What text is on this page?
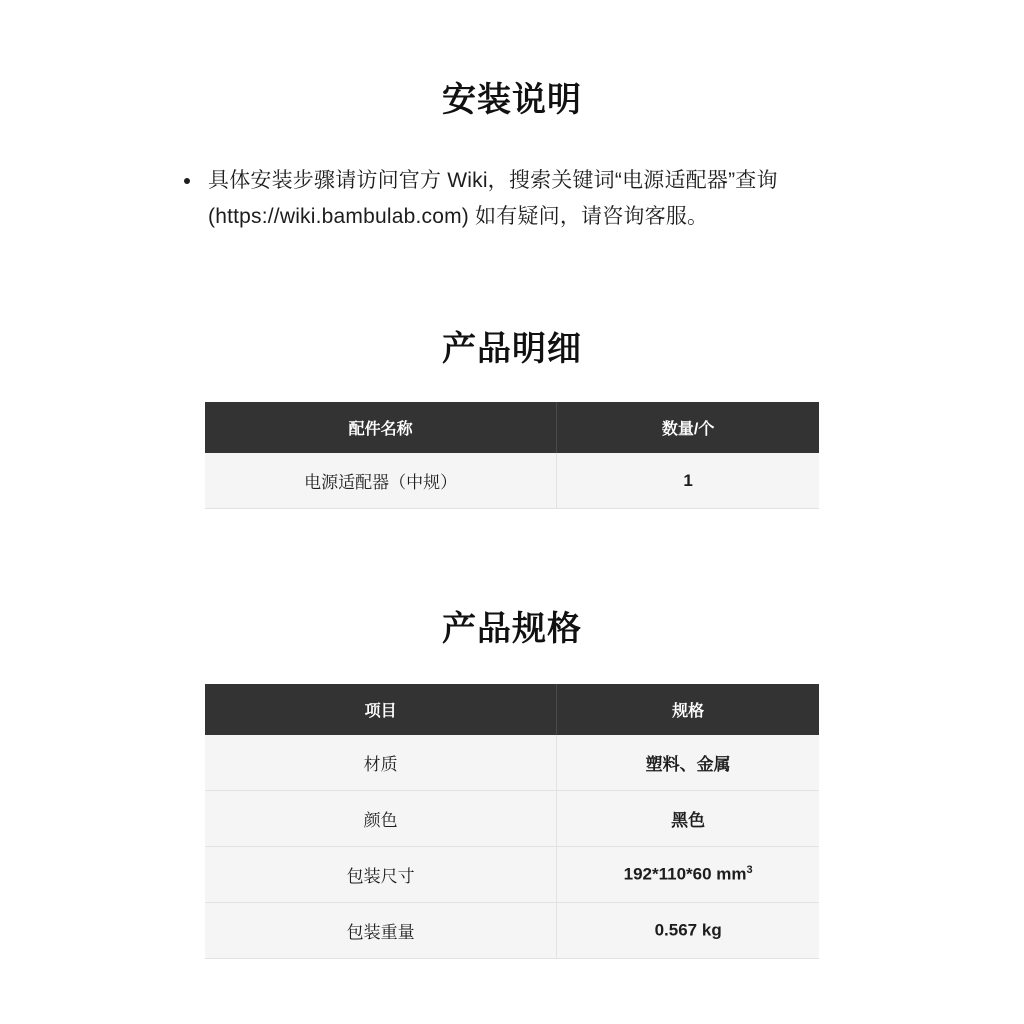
安装说明
具体安装步骤请访问官方 Wiki，搜索关键词“电源适配器”查询(https://wiki.bambulab.com) 如有疑问，请咨询客服。
产品明细
配件名称	数量/个
电源适配器（中规）	1
产品规格
项目	规格
材质	塑料、金属
颜色	黑色
包装尺寸	192*110*60 $mm^3$
包装重量	0.567 kg
